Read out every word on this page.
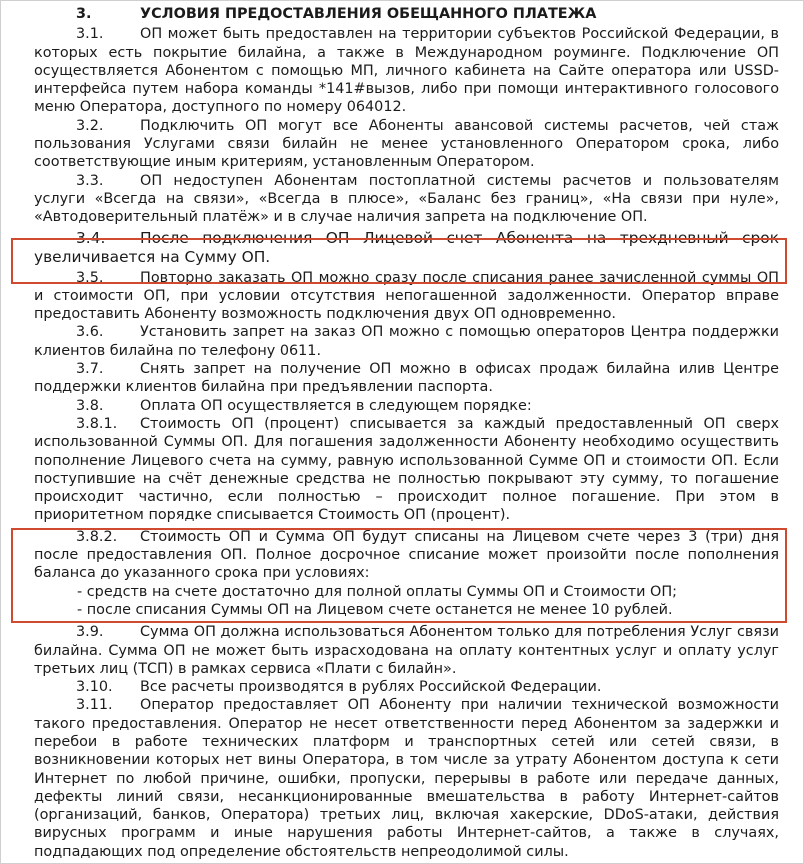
3.	УСЛОВИЯ ПРЕДОСТАВЛЕНИЯ ОБЕЩАННОГО ПЛАТЕЖА

3.1.	ОП может быть предоставлен на территории субъектов Российской Федерации, в которых есть покрытие билайна, а также в Международном роуминге. Подключение ОП осуществляется Абонентом с помощью МП, личного кабинета на Сайте оператора или USSD-интерфейса путем набора команды *141#вызов, либо при помощи интерактивного голосового меню Оператора, доступного по номеру 064012.

3.2.	Подключить ОП могут все Абоненты авансовой системы расчетов, чей стаж пользования Услугами связи билайн не менее установленного Оператором срока, либо соответствующие иным критериям, установленным Оператором.

3.3.	ОП недоступен Абонентам постоплатной системы расчетов и пользователям услуги «Всегда на связи», «Всегда в плюсе», «Баланс без границ», «На связи при нуле», «Автодоверительный платёж» и в случае наличия запрета на подключение ОП.

3.4. После подключения ОП Лицевой счет Абонента на трехдневный срок увеличивается на Сумму ОП.

3.5.	Повторно заказать ОП можно сразу после списания ранее зачисленной суммы ОП и стоимости ОП, при условии отсутствия непогашенной задолженности. Оператор вправе предоставить Абоненту возможность подключения двух ОП одновременно.

3.6.	Установить запрет на заказ ОП можно с помощью операторов Центра поддержки клиентов билайна по телефону 0611.

3.7.	Снять запрет на получение ОП можно в офисах продаж билайна илив Центре поддержки клиентов билайна при предъявлении паспорта.

3.8.	Оплата ОП осуществляется в следующем порядке:

3.8.1. Стоимость ОП (процент) списывается за каждый предоставленный ОП сверх использованной Суммы ОП. Для погашения задолженности Абоненту необходимо осуществить пополнение Лицевого счета на сумму, равную использованной Сумме ОП и стоимости ОП. Если поступившие на счёт денежные средства не полностью покрывают эту сумму, то погашение происходит частично, если полностью – происходит полное погашение. При этом в приоритетном порядке списывается Стоимость ОП (процент).

3.8.2. Стоимость ОП и Сумма ОП будут списаны на Лицевом счете через 3 (три) дня после предоставления ОП. Полное досрочное списание может произойти после пополнения баланса до указанного срока при условиях:

- средств на счете достаточно для полной оплаты Суммы ОП и Стоимости ОП;

- после списания Суммы ОП на Лицевом счете останется не менее 10 рублей.

3.9.	Сумма ОП должна использоваться Абонентом только для потребления Услуг связи билайна. Сумма ОП не может быть израсходована на оплату контентных услуг и оплату услуг третьих лиц (ТСП) в рамках сервиса «Плати с билайн».

3.10. Все расчеты производятся в рублях Российской Федерации.

3.11. Оператор предоставляет ОП Абоненту при наличии технической возможности такого предоставления. Оператор не несет ответственности перед Абонентом за задержки и перебои в работе технических платформ и транспортных сетей или сетей связи, в возникновении которых нет вины Оператора, в том числе за утрату Абонентом доступа к сети Интернет по любой причине, ошибки, пропуски, перерывы в работе или передаче данных, дефекты линий связи, несанкционированные вмешательства в работу Интернет-сайтов (организаций, банков, Оператора) третьих лиц, включая хакерские, DDoS-атаки, действия вирусных программ и иные нарушения работы Интернет-сайтов, а также в случаях, подпадающих под определение обстоятельств непреодолимой силы.
